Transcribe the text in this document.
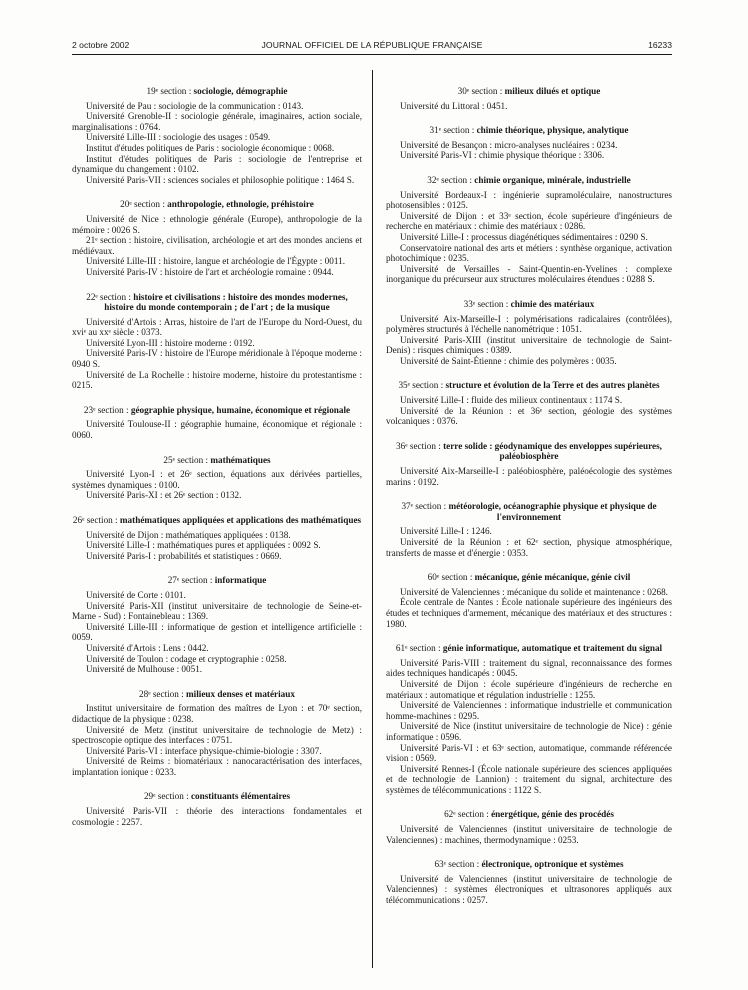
2 octobre 2002	JOURNAL OFFICIEL DE LA RÉPUBLIQUE FRANÇAISE	16233
19ᵉ section : sociologie, démographie

Université de Pau : sociologie de la communication : 0143.

Université Grenoble-II : sociologie générale, imaginaires, action sociale, marginalisations : 0764.

Université Lille-III : sociologie des usages : 0549.

Institut d'études politiques de Paris : sociologie économique : 0068.

Institut d'études politiques de Paris : sociologie de l'entreprise et dynamique du changement : 0102.

Université Paris-VII : sciences sociales et philosophie politique : 1464 S.

20ᵉ section : anthropologie, ethnologie, préhistoire

Université de Nice : ethnologie générale (Europe), anthropologie de la mémoire : 0026 S.

21ᵉ section : histoire, civilisation, archéologie et art des mondes anciens et médiévaux.

Université Lille-III : histoire, langue et archéologie de l'Égypte : 0011.

Université Paris-IV : histoire de l'art et archéologie romaine : 0944.

22ᵉ section : histoire et civilisations : histoire des mondes modernes, histoire du monde contemporain ; de l'art ; de la musique

Université d'Artois : Arras, histoire de l'art de l'Europe du Nord-Ouest, du xviᵉ au xxᵉ siècle : 0373.

Université Lyon-III : histoire moderne : 0192.

Université Paris-IV : histoire de l'Europe méridionale à l'époque moderne : 0940 S.

Université de La Rochelle : histoire moderne, histoire du protestantisme : 0215.

23ᵉ section : géographie physique, humaine, économique et régionale

Université Toulouse-II : géographie humaine, économique et régionale : 0060.

25ᵉ section : mathématiques

Université Lyon-I : et 26ᵉ section, équations aux dérivées partielles, systèmes dynamiques : 0100.

Université Paris-XI : et 26ᵉ section : 0132.

26ᵉ section : mathématiques appliquées et applications des mathématiques

Université de Dijon : mathématiques appliquées : 0138.

Université Lille-I : mathématiques pures et appliquées : 0092 S.

Université Paris-I : probabilités et statistiques : 0669.

27ᵉ section : informatique

Université de Corte : 0101.

Université Paris-XII (institut universitaire de technologie de Seine-et-Marne - Sud) : Fontainebleau : 1369.

Université Lille-III : informatique de gestion et intelligence artificielle : 0059.

Université d'Artois : Lens : 0442.

Université de Toulon : codage et cryptographie : 0258.

Université de Mulhouse : 0051.

28ᵉ section : milieux denses et matériaux

Institut universitaire de formation des maîtres de Lyon : et 70ᵉ section, didactique de la physique : 0238.

Université de Metz (institut universitaire de technologie de Metz) : spectroscopie optique des interfaces : 0751.

Université Paris-VI : interface physique-chimie-biologie : 3307.

Université de Reims : biomatériaux : nanocaractérisation des interfaces, implantation ionique : 0233.

29ᵉ section : constituants élémentaires

Université Paris-VII : théorie des interactions fondamentales et cosmologie : 2257.

30ᵉ section : milieux dilués et optique

Université du Littoral : 0451.

31ᵉ section : chimie théorique, physique, analytique

Université de Besançon : micro-analyses nucléaires : 0234.

Université Paris-VI : chimie physique théorique : 3306.

32ᵉ section : chimie organique, minérale, industrielle

Université Bordeaux-I : ingénierie supramoléculaire, nanostructures photosensibles : 0125.

Université de Dijon : et 33ᵉ section, école supérieure d'ingénieurs de recherche en matériaux : chimie des matériaux : 0286.

Université Lille-I : processus diagénétiques sédimentaires : 0290 S.

Conservatoire national des arts et métiers : synthèse organique, activation photochimique : 0235.

Université de Versailles - Saint-Quentin-en-Yvelines : complexe inorganique du précurseur aux structures moléculaires étendues : 0288 S.

33ᵉ section : chimie des matériaux

Université Aix-Marseille-I : polymérisations radicalaires (contrôlées), polymères structurés à l'échelle nanométrique : 1051.

Université Paris-XIII (institut universitaire de technologie de Saint-Denis) : risques chimiques : 0389.

Université de Saint-Étienne : chimie des polymères : 0035.

35ᵉ section : structure et évolution de la Terre et des autres planètes

Université Lille-I : fluide des milieux continentaux : 1174 S.

Université de la Réunion : et 36ᵉ section, géologie des systèmes volcaniques : 0376.

36ᵉ section : terre solide : géodynamique des enveloppes supérieures, paléobiosphère

Université Aix-Marseille-I : paléobiosphère, paléoécologie des systèmes marins : 0192.

37ᵉ section : météorologie, océanographie physique et physique de l'environnement

Université Lille-I : 1246.

Université de la Réunion : et 62ᵉ section, physique atmosphérique, transferts de masse et d'énergie : 0353.

60ᵉ section : mécanique, génie mécanique, génie civil

Université de Valenciennes : mécanique du solide et maintenance : 0268.

École centrale de Nantes : École nationale supérieure des ingénieurs des études et techniques d'armement, mécanique des matériaux et des structures : 1980.

61ᵉ section : génie informatique, automatique et traitement du signal

Université Paris-VIII : traitement du signal, reconnaissance des formes aides techniques handicapés : 0045.

Université de Dijon : école supérieure d'ingénieurs de recherche en matériaux : automatique et régulation industrielle : 1255.

Université de Valenciennes : informatique industrielle et communication homme-machines : 0295.

Université de Nice (institut universitaire de technologie de Nice) : génie informatique : 0596.

Université Paris-VI : et 63ᵉ section, automatique, commande référencée vision : 0569.

Université Rennes-I (École nationale supérieure des sciences appliquées et de technologie de Lannion) : traitement du signal, architecture des systèmes de télécommunications : 1122 S.

62ᵉ section : énergétique, génie des procédés

Université de Valenciennes (institut universitaire de technologie de Valenciennes) : machines, thermodynamique : 0253.

63ᵉ section : électronique, optronique et systèmes

Université de Valenciennes (institut universitaire de technologie de Valenciennes) : systèmes électroniques et ultrasonores appliqués aux télécommunications : 0257.
